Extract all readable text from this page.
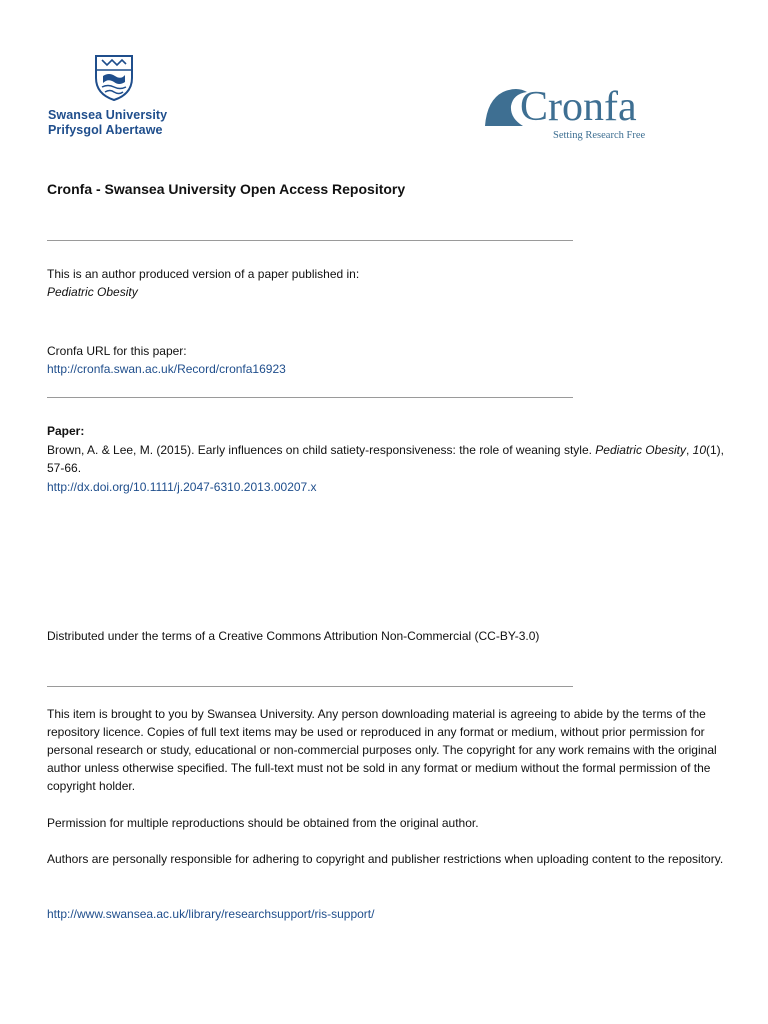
Swansea University
Prifysgol Abertawe	Cronfa
Setting Research Free
Cronfa - Swansea University Open Access Repository
This is an author produced version of a paper published in:
Pediatric Obesity
Cronfa URL for this paper:
http://cronfa.swan.ac.uk/Record/cronfa16923
Paper:
Brown, A. & Lee, M. (2015). Early influences on child satiety-responsiveness: the role of weaning style. Pediatric Obesity, 10(1), 57-66.
http://dx.doi.org/10.1111/j.2047-6310.2013.00207.x
Distributed under the terms of a Creative Commons Attribution Non-Commercial (CC-BY-3.0)
This item is brought to you by Swansea University. Any person downloading material is agreeing to abide by the terms of the repository licence. Copies of full text items may be used or reproduced in any format or medium, without prior permission for personal research or study, educational or non-commercial purposes only. The copyright for any work remains with the original author unless otherwise specified. The full-text must not be sold in any format or medium without the formal permission of the copyright holder.
Permission for multiple reproductions should be obtained from the original author.
Authors are personally responsible for adhering to copyright and publisher restrictions when uploading content to the repository.
http://www.swansea.ac.uk/library/researchsupport/ris-support/
